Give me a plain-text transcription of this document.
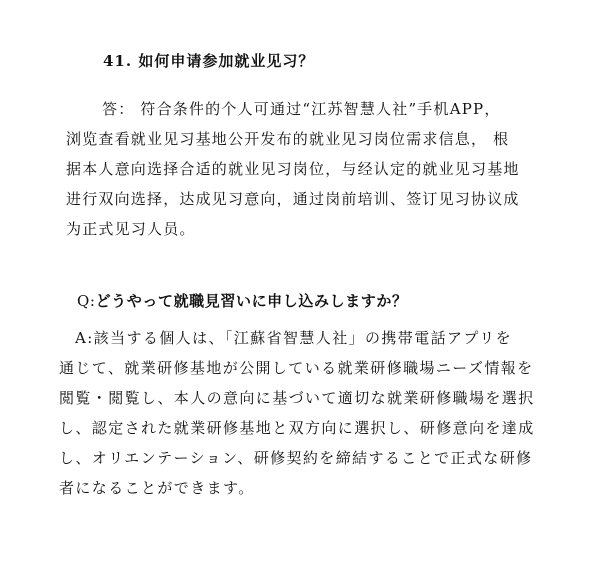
41. 如何申请参加就业见习？
答： 符合条件的个人可通过“江苏智慧人社”手机APP，
浏览查看就业见习基地公开发布的就业见习岗位需求信息， 根
据本人意向选择合适的就业见习岗位，与经认定的就业见习基地
进行双向选择，达成见习意向，通过岗前培训、签订见习协议成
为正式见习人员。
Q:どうやって就職見習いに申し込みしますか？
A:該当する個人は、「江蘇省智慧人社」の携帯電話アプリを
通じて、就業研修基地が公開している就業研修職場ニーズ情報を
閲覧・閲覧し、本人の意向に基づいて適切な就業研修職場を選択
し、認定された就業研修基地と双方向に選択し、研修意向を達成
し、オリエンテーション、研修契約を締結することで正式な研修
者になることができます。
